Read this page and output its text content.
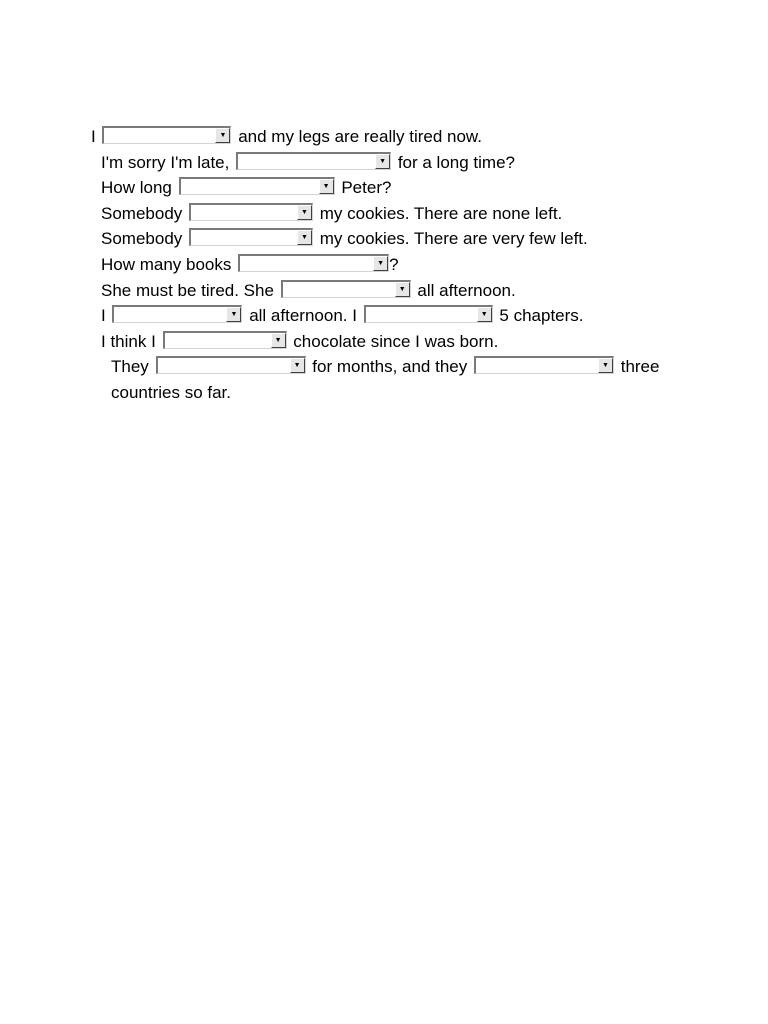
I	▼ and my legs are really tired now.
I'm sorry I'm late,	▼ for a long time?
How long	▼ Peter?
Somebody	▼ my cookies. There are none left.
Somebody	▼ my cookies. There are very few left.
How many books	▼ ?
She must be tired. She	▼ all afternoon.
I	▼ all afternoon. I	▼ 5 chapters.
I think I	▼ chocolate since I was born.
They	▼ for months, and they	▼ three countries so far.
